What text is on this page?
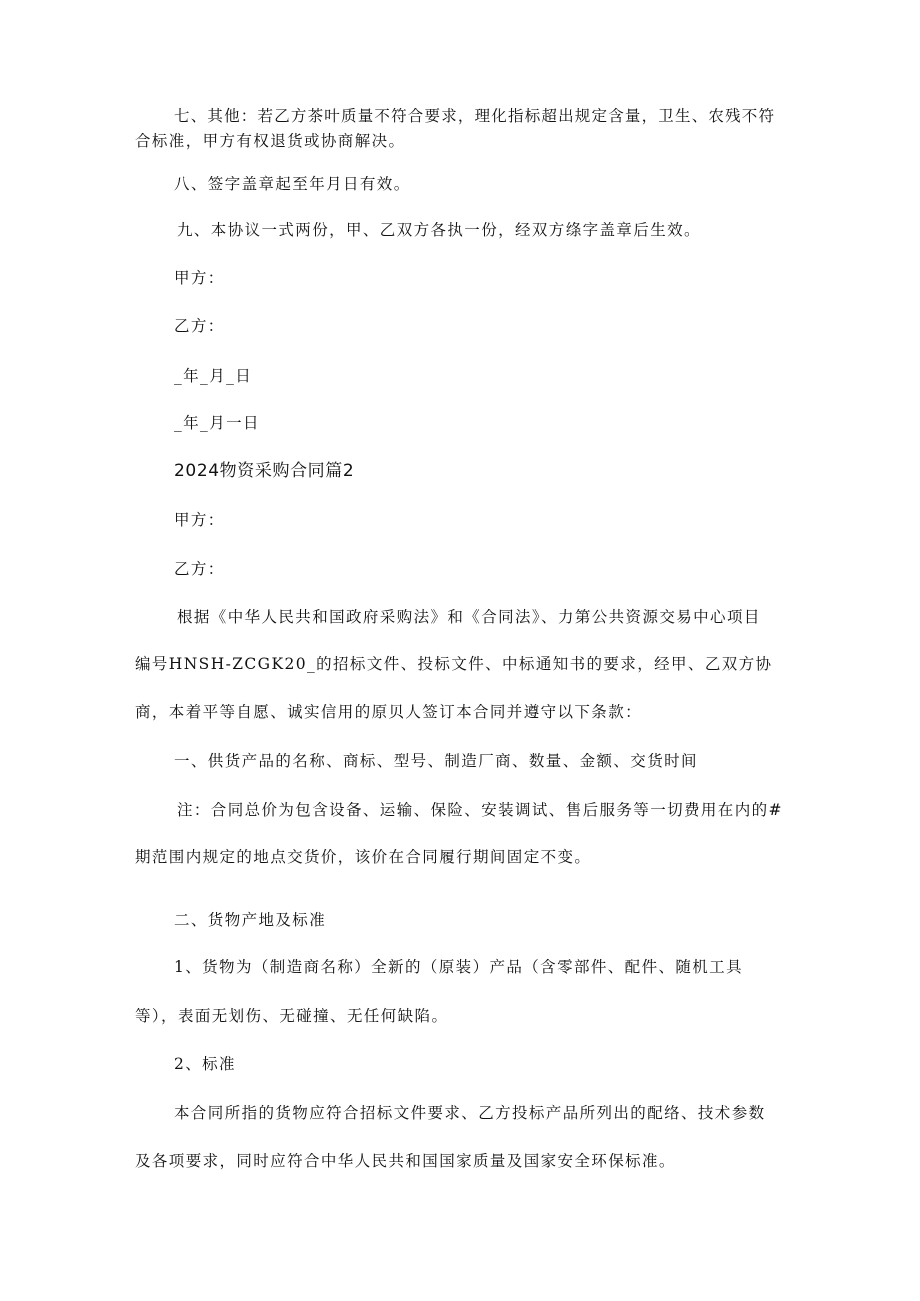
七、其他：若乙方茶叶质量不符合要求，理化指标超出规定含量，卫生、农残不符
合标准，甲方有权退货或协商解决。
八、签字盖章起至年月日有效。
九、本协议一式两份，甲、乙双方各执一份，经双方绦字盖章后生效。
甲方：
乙方：
_年_月_日
_年_月一日
2024物资采购合同篇2
甲方：
乙方：
根据《中华人民共和国政府采购法》和《合同法》、力第公共资源交易中心项目
编号HNSH-ZCGK20_的招标文件、投标文件、中标通知书的要求，经甲、乙双方协
商，本着平等自愿、诚实信用的原贝人签订本合同并遵守以下条款：
一、供货产品的名称、商标、型号、制造厂商、数量、金额、交货时间
注：合同总价为包含设备、运输、保险、安装调试、售后服务等一切费用在内的#
期范围内规定的地点交货价，该价在合同履行期间固定不变。
二、货物产地及标准
1、货物为（制造商名称）全新的（原装）产品（含零部件、配件、随机工具
等），表面无划伤、无碰撞、无任何缺陷。
2、标准
本合同所指的货物应符合招标文件要求、乙方投标产品所列出的配络、技术参数
及各项要求，同时应符合中华人民共和国国家质量及国家安全环保标准。
